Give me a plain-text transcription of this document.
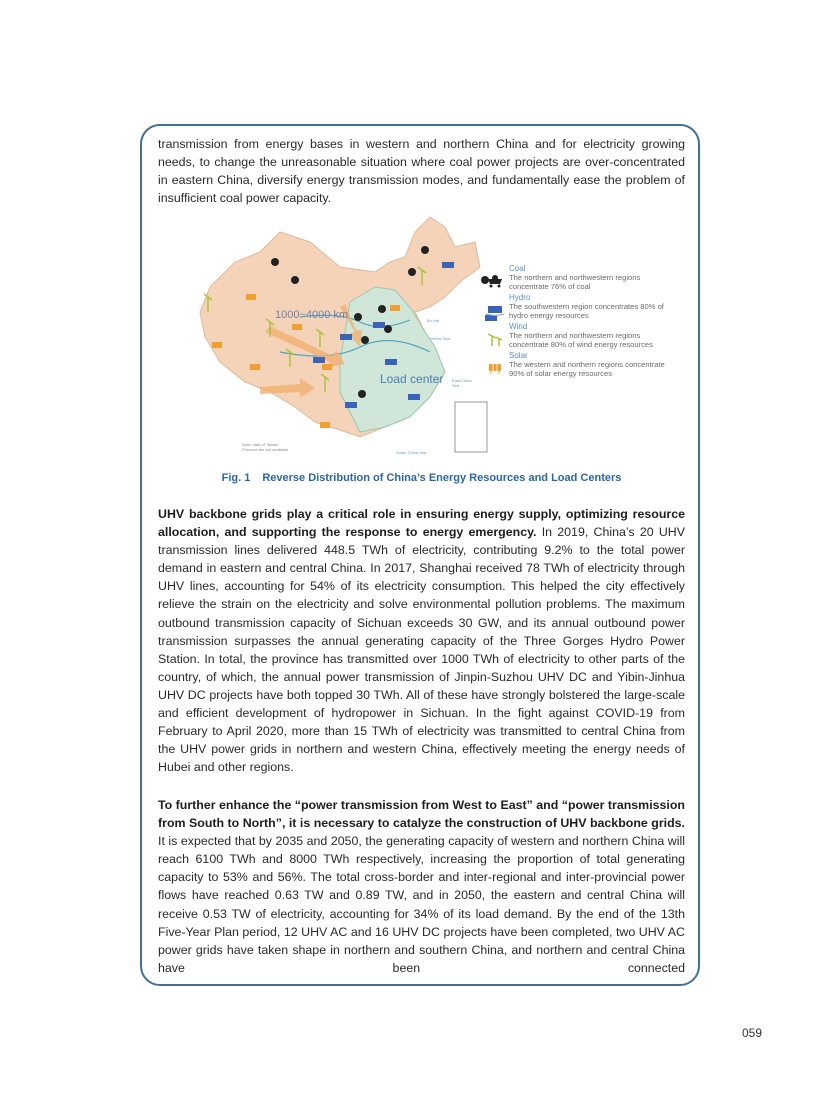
transmission from energy bases in western and northern China and for electricity growing needs, to change the unreasonable situation where coal power projects are over-concentrated in eastern China, diversify energy transmission modes, and fundamentally ease the problem of insufficient coal power capacity.
1000~4000 km
Load center
Bo Hai
Yellow Sea
East China Sea
South China Sea
Note: data of Taiwan Province are not available
Coal
The northern and northwestern regions concentrate 76% of coal
Hydro
The southwestern region concentrates 80% of hydro energy resources
Wind
The northern and northwestern regions concentrate 80% of wind energy resources
Solar
The western and northern regions concentrate 90% of solar energy resources
Fig. 1 Reverse Distribution of China’s Energy Resources and Load Centers
UHV backbone grids play a critical role in ensuring energy supply, optimizing resource allocation, and supporting the response to energy emergency. In 2019, China’s 20 UHV transmission lines delivered 448.5 TWh of electricity, contributing 9.2% to the total power demand in eastern and central China. In 2017, Shanghai received 78 TWh of electricity through UHV lines, accounting for 54% of its electricity consumption. This helped the city effectively relieve the strain on the electricity and solve environmental pollution problems. The maximum outbound transmission capacity of Sichuan exceeds 30 GW, and its annual outbound power transmission surpasses the annual generating capacity of the Three Gorges Hydro Power Station. In total, the province has transmitted over 1000 TWh of electricity to other parts of the country, of which, the annual power transmission of Jinpin-Suzhou UHV DC and Yibin-Jinhua UHV DC projects have both topped 30 TWh. All of these have strongly bolstered the large-scale and efficient development of hydropower in Sichuan. In the fight against COVID-19 from February to April 2020, more than 15 TWh of electricity was transmitted to central China from the UHV power grids in northern and western China, effectively meeting the energy needs of Hubei and other regions.
To further enhance the “power transmission from West to East” and “power transmission from South to North”, it is necessary to catalyze the construction of UHV backbone grids. It is expected that by 2035 and 2050, the generating capacity of western and northern China will reach 6100 TWh and 8000 TWh respectively, increasing the proportion of total generating capacity to 53% and 56%. The total cross-border and inter-regional and inter-provincial power flows have reached 0.63 TW and 0.89 TW, and in 2050, the eastern and central China will receive 0.53 TW of electricity, accounting for 34% of its load demand. By the end of the 13th Five-Year Plan period, 12 UHV AC and 16 UHV DC projects have been completed, two UHV AC power grids have taken shape in northern and southern China, and northern and central China have been connected
059
